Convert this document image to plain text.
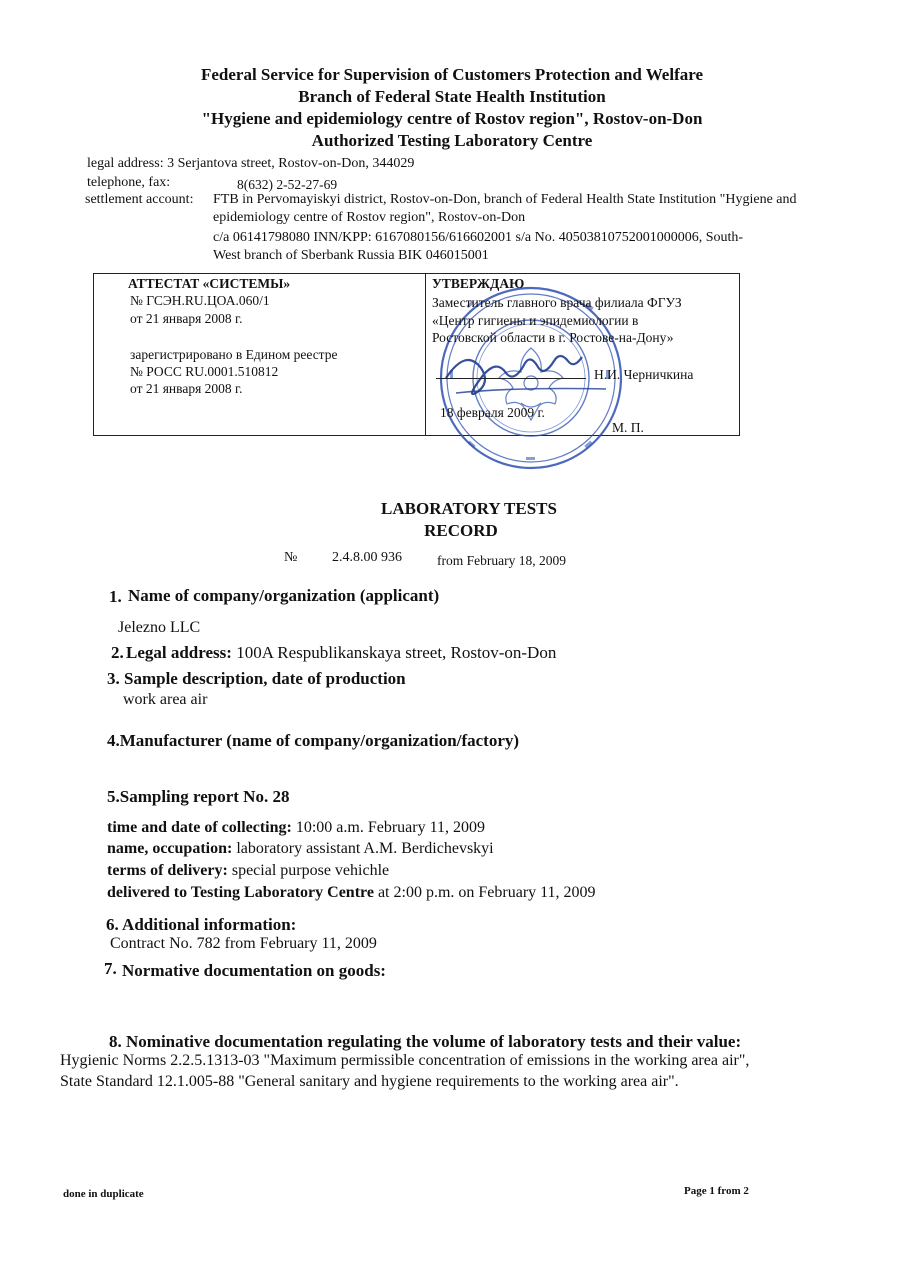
Federal Service for Supervision of Customers Protection and Welfare
Branch of Federal State Health Institution
"Hygiene and epidemiology centre of Rostov region", Rostov-on-Don
Authorized Testing Laboratory Centre
legal address: 3 Serjantova street, Rostov-on-Don, 344029
telephone, fax:	8(632) 2-52-27-69
settlement account: FTB in Pervomayiskyi district, Rostov-on-Don, branch of Federal Health State Institution "Hygiene and
epidemiology centre of Rostov region", Rostov-on-Don
c/a 06141798080 INN/KPP: 6167080156/616602001 s/a No. 40503810752001000006, South-
West branch of Sberbank Russia BIK 046015001
АТТЕСТАТ «СИСТЕМЫ»
№ ГСЭН.RU.ЦОА.060/1
от 21 января 2008 г.
зарегистрировано в Едином реестре
№ РОСС RU.0001.510812
от 21 января 2008 г.
УТВЕРЖДАЮ
Заместитель главного врача филиала ФГУЗ
«Центр гигиены и эпидемиологии в
Ростовской области в г. Ростове-на-Дону»
Н.И. Черничкина
18 февраля 2009 г.
М. П.
LABORATORY TESTS
RECORD
№ 2.4.8.00 936	from February 18, 2009
1. Name of company/organization (applicant)
Jelezno LLC
2. Legal address: 100A Respublikanskaya street, Rostov-on-Don
3. Sample description, date of production
work area air
4.Manufacturer (name of company/organization/factory)
5.Sampling report No. 28
time and date of collecting: 10:00 a.m. February 11, 2009
name, occupation: laboratory assistant A.M. Berdichevskyi
terms of delivery: special purpose vehichle
delivered to Testing Laboratory Centre at 2:00 p.m. on February 11, 2009
6. Additional information:
Contract No. 782 from February 11, 2009
7. Normative documentation on goods:
8. Nominative documentation regulating the volume of laboratory tests and their value:
Hygienic Norms 2.2.5.1313-03 "Maximum permissible concentration of emissions in the working area air",
State Standard 12.1.005-88 "General sanitary and hygiene requirements to the working area air".
done in duplicate	Page 1 from 2
